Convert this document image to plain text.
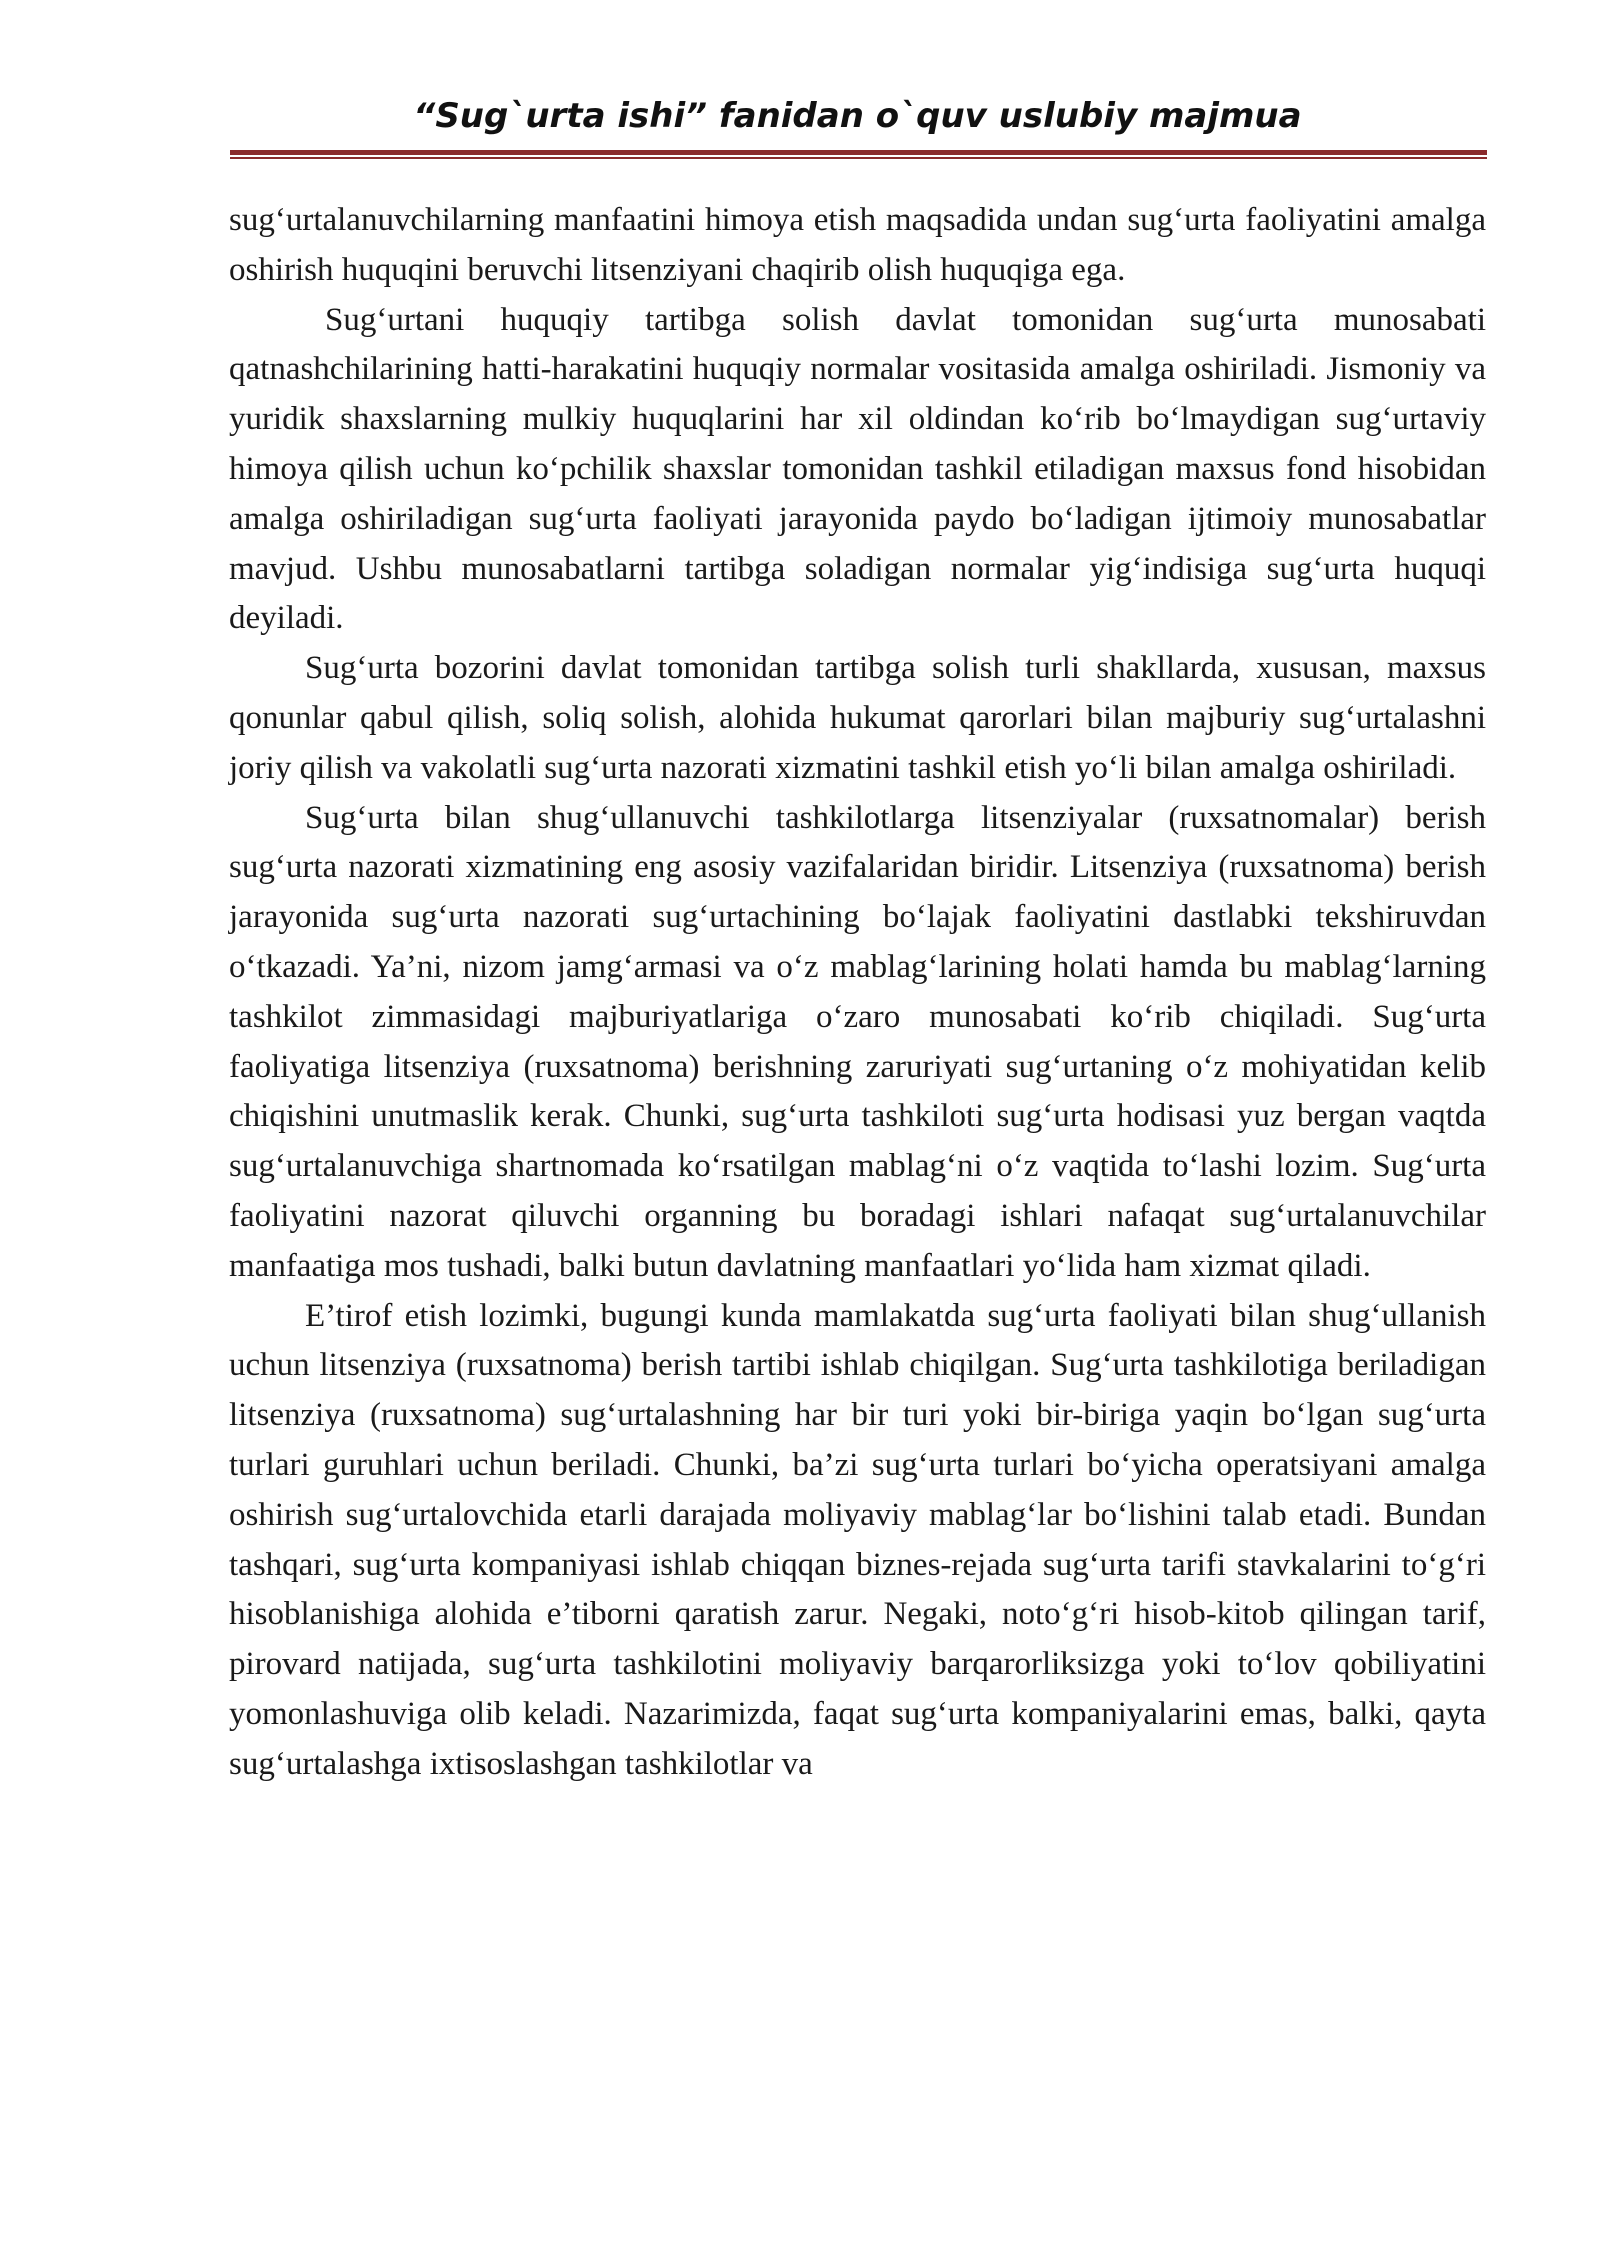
“Sug`urta ishi” fanidan o`quv uslubiy majmua

sug‘urtalanuvchilarning manfaatini himoya etish maqsadida undan sug‘urta faoliyatini amalga oshirish huquqini beruvchi litsenziyani chaqirib olish huquqiga ega.

Sug‘urtani huquqiy tartibga solish davlat tomonidan sug‘urta munosabati qatnashchilarining hatti-harakatini huquqiy normalar vositasida amalga oshiriladi. Jismoniy va yuridik shaxslarning mulkiy huquqlarini har xil oldindan ko‘rib bo‘lmaydigan sug‘urtaviy himoya qilish uchun ko‘pchilik shaxslar tomonidan tashkil etiladigan maxsus fond hisobidan amalga oshiriladigan sug‘urta faoliyati jarayonida paydo bo‘ladigan ijtimoiy munosabatlar mavjud. Ushbu munosabatlarni tartibga soladigan normalar yig‘indisiga sug‘urta huquqi deyiladi.

Sug‘urta bozorini davlat tomonidan tartibga solish turli shakllarda, xususan, maxsus qonunlar qabul qilish, soliq solish, alohida hukumat qarorlari bilan majburiy sug‘urtalashni joriy qilish va vakolatli sug‘urta nazorati xizmatini tashkil etish yo‘li bilan amalga oshiriladi.

Sug‘urta bilan shug‘ullanuvchi tashkilotlarga litsenziyalar (ruxsatnomalar) berish sug‘urta nazorati xizmatining eng asosiy vazifalaridan biridir. Litsenziya (ruxsatnoma) berish jarayonida sug‘urta nazorati sug‘urtachining bo‘lajak faoliyatini dastlabki tekshiruvdan o‘tkazadi. Ya’ni, nizom jamg‘armasi va o‘z mablag‘larining holati hamda bu mablag‘larning tashkilot zimmasidagi majburiyatlariga o‘zaro munosabati ko‘rib chiqiladi. Sug‘urta faoliyatiga litsenziya (ruxsatnoma) berishning zaruriyati sug‘urtaning o‘z mohiyatidan kelib chiqishini unutmaslik kerak. Chunki, sug‘urta tashkiloti sug‘urta hodisasi yuz bergan vaqtda sug‘urtalanuvchiga shartnomada ko‘rsatilgan mablag‘ni o‘z vaqtida to‘lashi lozim. Sug‘urta faoliyatini nazorat qiluvchi organning bu boradagi ishlari nafaqat sug‘urtalanuvchilar manfaatiga mos tushadi, balki butun davlatning manfaatlari yo‘lida ham xizmat qiladi.

E’tirof etish lozimki, bugungi kunda mamlakatda sug‘urta faoliyati bilan shug‘ullanish uchun litsenziya (ruxsatnoma) berish tartibi ishlab chiqilgan. Sug‘urta tashkilotiga beriladigan litsenziya (ruxsatnoma) sug‘urtalashning har bir turi yoki bir-biriga yaqin bo‘lgan sug‘urta turlari guruhlari uchun beriladi. Chunki, ba’zi sug‘urta turlari bo‘yicha operatsiyani amalga oshirish sug‘urtalovchida etarli darajada moliyaviy mablag‘lar bo‘lishini talab etadi. Bundan tashqari, sug‘urta kompaniyasi ishlab chiqqan biznes-rejada sug‘urta tarifi stavkalarini to‘g‘ri hisoblanishiga alohida e’tiborni qaratish zarur. Negaki, noto‘g‘ri hisob-kitob qilingan tarif, pirovard natijada, sug‘urta tashkilotini moliyaviy barqarorliksizga yoki to‘lov qobiliyatini yomonlashuviga olib keladi. Nazarimizda, faqat sug‘urta kompaniyalarini emas, balki, qayta sug‘urtalashga ixtisoslashgan tashkilotlar va
